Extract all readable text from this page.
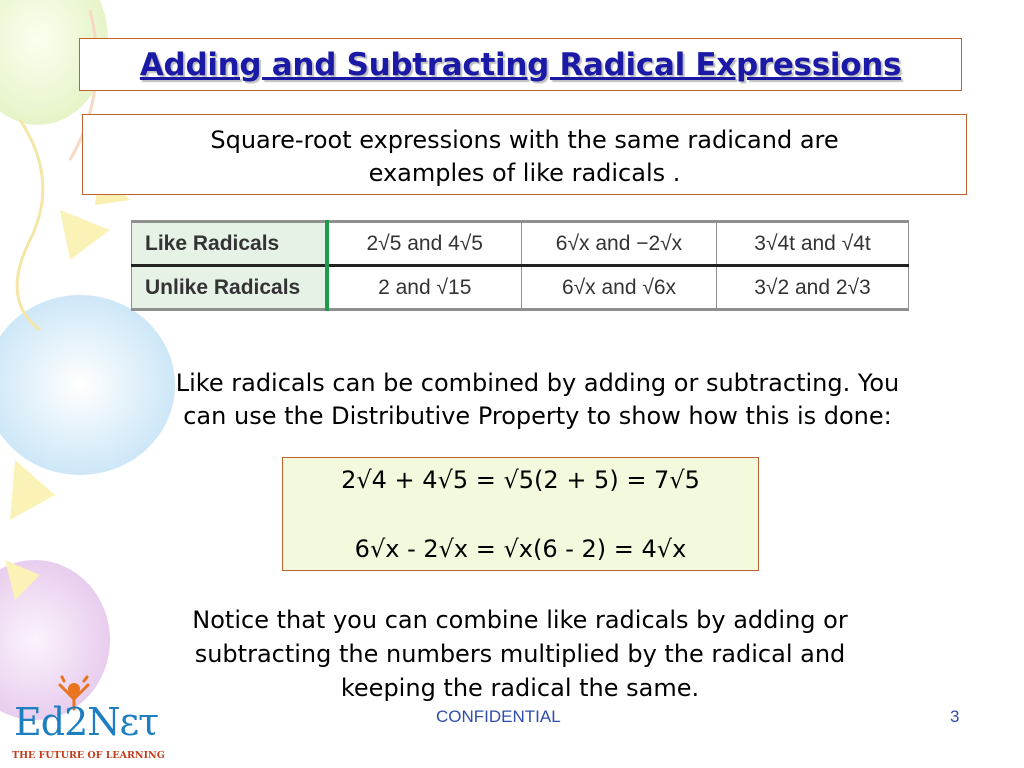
Adding and Subtracting Radical Expressions
Square-root expressions with the same radicand are
examples of like radicals .
Like Radicals	2√5 and 4√5	6√x and −2√x	3√4t and √4t
Unlike Radicals	2 and √15	6√x and √6x	3√2 and 2√3
Like radicals can be combined by adding or subtracting. You
can use the Distributive Property to show how this is done:
2√4 + 4√5 = √5(2 + 5) = 7√5
6√x - 2√x = √x(6 - 2) = 4√x
Notice that you can combine like radicals by adding or
subtracting the numbers multiplied by the radical and
keeping the radical the same.
Ed2Nετ
THE FUTURE OF LEARNING
CONFIDENTIAL	3
